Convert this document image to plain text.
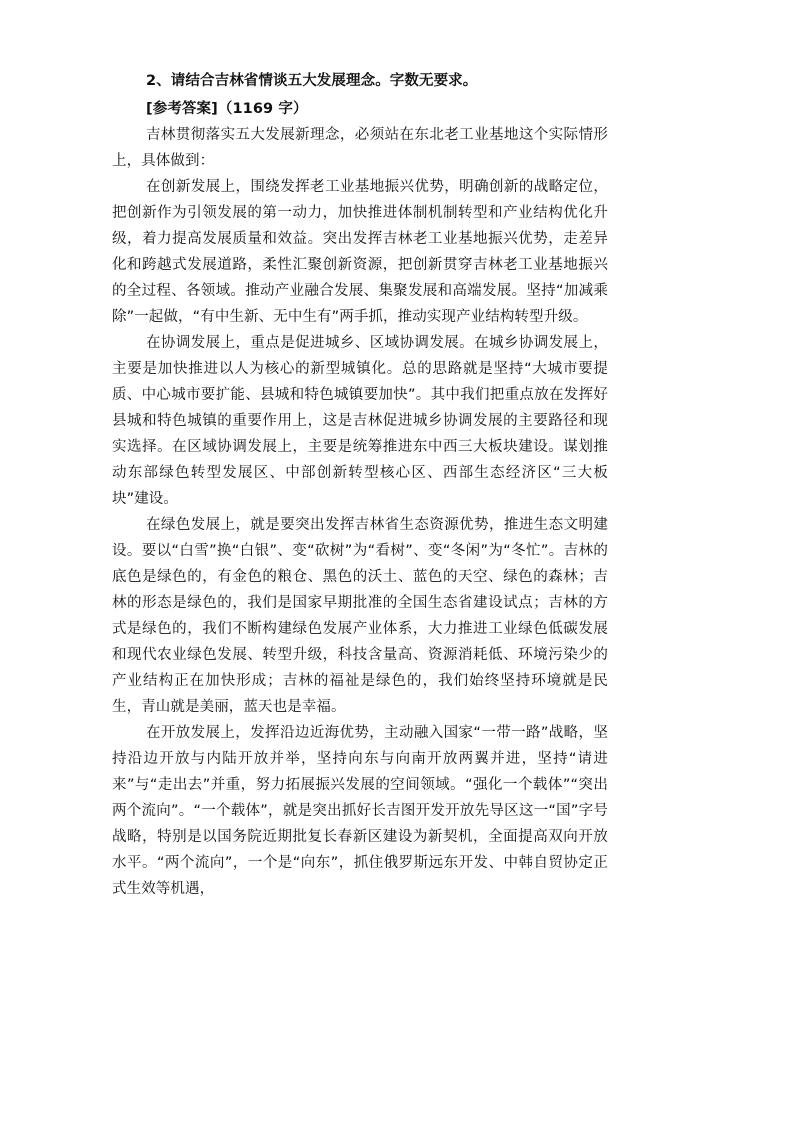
2、请结合吉林省情谈五大发展理念。字数无要求。

[参考答案]（1169 字）

吉林贯彻落实五大发展新理念，必须站在东北老工业基地这个实际情形上，具体做到：

在创新发展上，围绕发挥老工业基地振兴优势，明确创新的战略定位，把创新作为引领发展的第一动力，加快推进体制机制转型和产业结构优化升级，着力提高发展质量和效益。突出发挥吉林老工业基地振兴优势，走差异化和跨越式发展道路，柔性汇聚创新资源，把创新贯穿吉林老工业基地振兴的全过程、各领域。推动产业融合发展、集聚发展和高端发展。坚持“加减乘除”一起做，“有中生新、无中生有”两手抓，推动实现产业结构转型升级。

在协调发展上，重点是促进城乡、区域协调发展。在城乡协调发展上，主要是加快推进以人为核心的新型城镇化。总的思路就是坚持“大城市要提质、中心城市要扩能、县城和特色城镇要加快”。其中我们把重点放在发挥好县城和特色城镇的重要作用上，这是吉林促进城乡协调发展的主要路径和现实选择。在区域协调发展上，主要是统筹推进东中西三大板块建设。谋划推动东部绿色转型发展区、中部创新转型核心区、西部生态经济区“三大板块”建设。

在绿色发展上，就是要突出发挥吉林省生态资源优势，推进生态文明建设。要以“白雪”换“白银”、变“砍树”为“看树”、变“冬闲”为“冬忙”。吉林的底色是绿色的，有金色的粮仓、黑色的沃土、蓝色的天空、绿色的森林；吉林的形态是绿色的，我们是国家早期批准的全国生态省建设试点；吉林的方式是绿色的，我们不断构建绿色发展产业体系，大力推进工业绿色低碳发展和现代农业绿色发展、转型升级，科技含量高、资源消耗低、环境污染少的产业结构正在加快形成；吉林的福祉是绿色的，我们始终坚持环境就是民生，青山就是美丽，蓝天也是幸福。

在开放发展上，发挥沿边近海优势，主动融入国家“一带一路”战略，坚持沿边开放与内陆开放并举，坚持向东与向南开放两翼并进，坚持“请进来”与“走出去”并重，努力拓展振兴发展的空间领域。“强化一个载体”“突出两个流向”。“一个载体”，就是突出抓好长吉图开发开放先导区这一“国”字号战略，特别是以国务院近期批复长春新区建设为新契机，全面提高双向开放水平。“两个流向”，一个是“向东”，抓住俄罗斯远东开发、中韩自贸协定正式生效等机遇，
